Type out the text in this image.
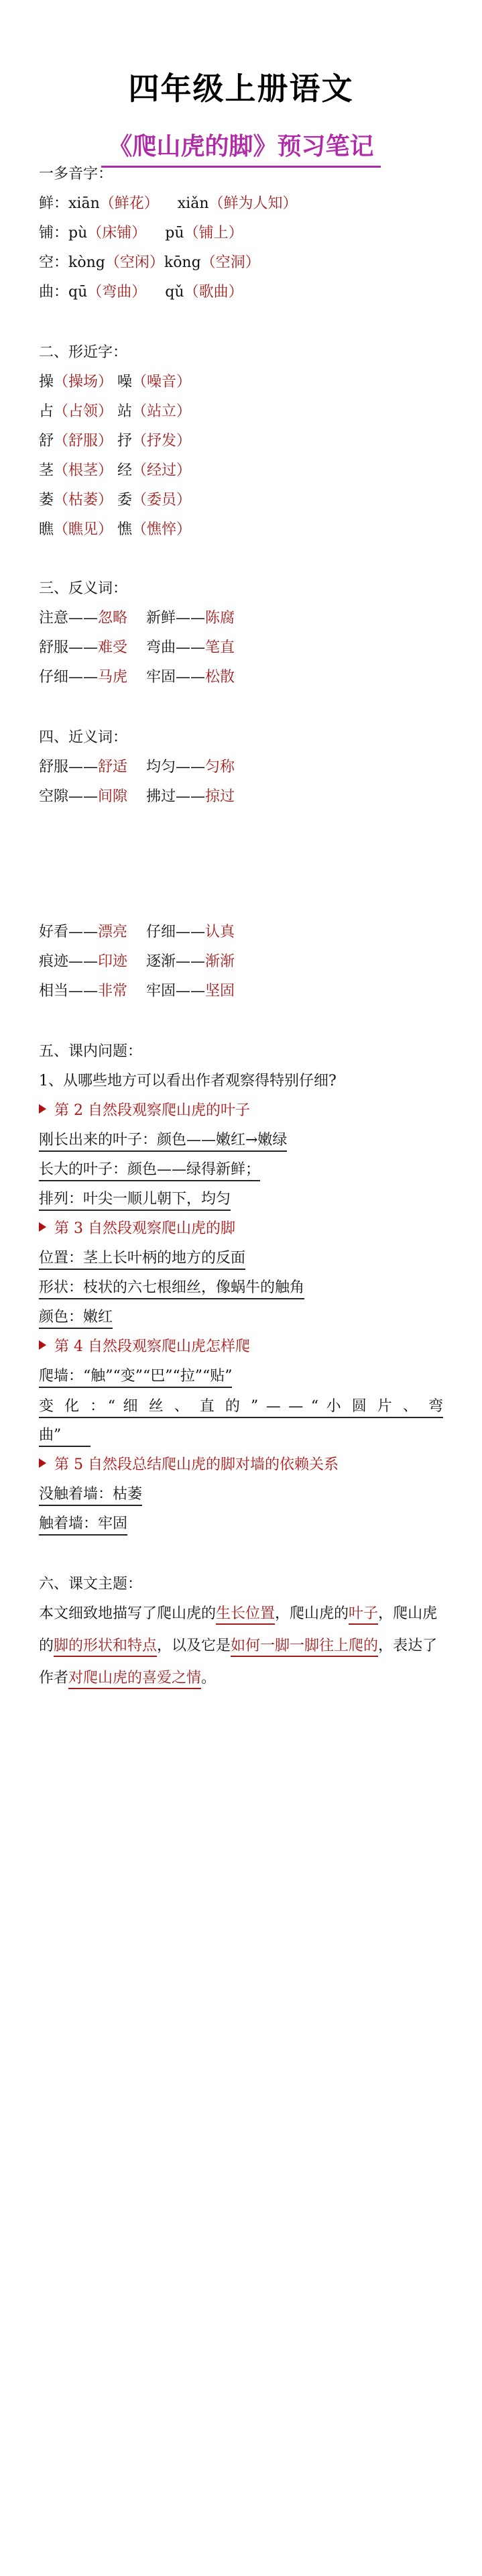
四年级上册语文
《爬山虎的脚》预习笔记
一多音字：
鲜：xiān（鲜花） xiǎn（鲜为人知）
铺：pù（床铺） pū（铺上）
空：kòng（空闲）kōng（空洞）
曲：qū（弯曲） qǔ（歌曲）
二、形近字：
操（操场） 噪（噪音）
占（占领） 站（站立）
舒（舒服） 抒（抒发）
茎（根茎） 经（经过）
萎（枯萎） 委（委员）
瞧（瞧见） 憔（憔悴）
三、反义词：
注意——忽略 新鲜——陈腐
舒服——难受 弯曲——笔直
仔细——马虎 牢固——松散
四、近义词：
舒服——舒适 均匀——匀称
空隙——间隙 拂过——掠过
好看——漂亮 仔细——认真
痕迹——印迹 逐渐——渐渐
相当——非常 牢固——坚固
五、课内问题：
1、从哪些地方可以看出作者观察得特别仔细?
第 2 自然段观察爬山虎的叶子
刚长出来的叶子：颜色——嫩红→嫩绿
长大的叶子：颜色——绿得新鲜；
排列：叶尖一顺儿朝下，均匀
第 3 自然段观察爬山虎的脚
位置：茎上长叶柄的地方的反面
形状：枝状的六七根细丝，像蜗牛的触角
颜色：嫩红
第 4 自然段观察爬山虎怎样爬
爬墙：“触”“变”“巴”“拉”“贴”
变 化 ：“ 细 丝 、 直 的 ” — — “ 小 圆 片 、 弯
曲”    
第 5 自然段总结爬山虎的脚对墙的依赖关系
没触着墙：枯萎
触着墙：牢固
六、课文主题：
本文细致地描写了爬山虎的生长位置，爬山虎的叶子，爬山虎的脚的形状和特点，以及它是如何一脚一脚往上爬的，表达了作者对爬山虎的喜爱之情。
